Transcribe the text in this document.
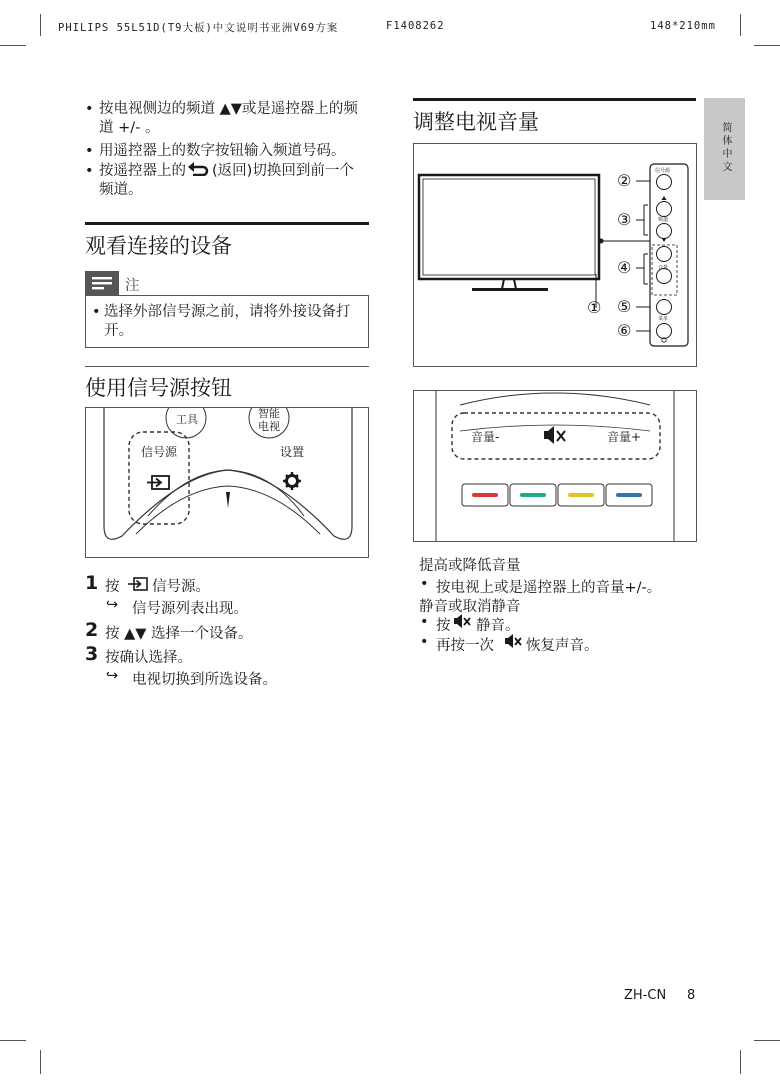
PHILIPS 55L51D(T9大板)中文说明书亚洲V69方案	F1408262	148*210mm
简体中文
• 按电视侧边的频道 ▲▼或是遥控器上的频道 +/- 。
• 用遥控器上的数字按钮输入频道号码。
• 按遥控器上的 (返回)切换回到前一个频道。
观看连接的设备
注
• 选择外部信号源之前，请将外接设备打开。
使用信号源按钮
工具	智能
电视
信号源	设置
1 按 信号源。
↪ 信号源列表出现。
2 按 ▲▼ 选择一个设备。
3 按确认选择。
↪ 电视切换到所选设备。
调整电视音量
②
③
④
⑤
⑥
①
信号源
频道
音量
菜单
音量-	音量+
提高或降低音量
• 按电视上或是遥控器上的音量+/-。
静音或取消静音
• 按 静音。
• 再按一次 恢复声音。
ZH-CN 8
